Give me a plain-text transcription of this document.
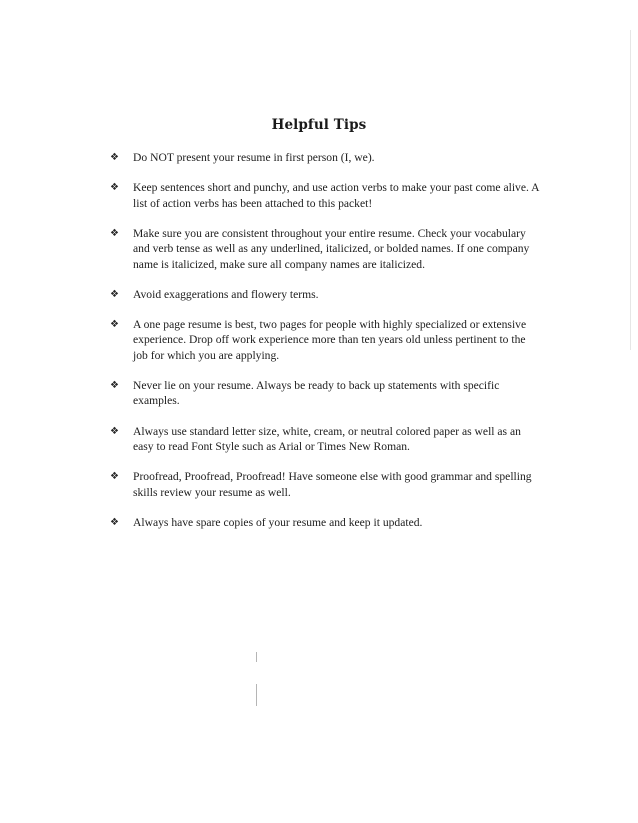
Helpful Tips
❖	Do NOT present your resume in first person (I, we).
❖	Keep sentences short and punchy, and use action verbs to make your past come alive. A list of action verbs has been attached to this packet!
❖	Make sure you are consistent throughout your entire resume. Check your vocabulary and verb tense as well as any underlined, italicized, or bolded names. If one company name is italicized, make sure all company names are italicized.
❖	Avoid exaggerations and flowery terms.
❖	A one page resume is best, two pages for people with highly specialized or extensive experience. Drop off work experience more than ten years old unless pertinent to the job for which you are applying.
❖	Never lie on your resume. Always be ready to back up statements with specific examples.
❖	Always use standard letter size, white, cream, or neutral colored paper as well as an easy to read Font Style such as Arial or Times New Roman.
❖	Proofread, Proofread, Proofread! Have someone else with good grammar and spelling skills review your resume as well.
❖	Always have spare copies of your resume and keep it updated.
